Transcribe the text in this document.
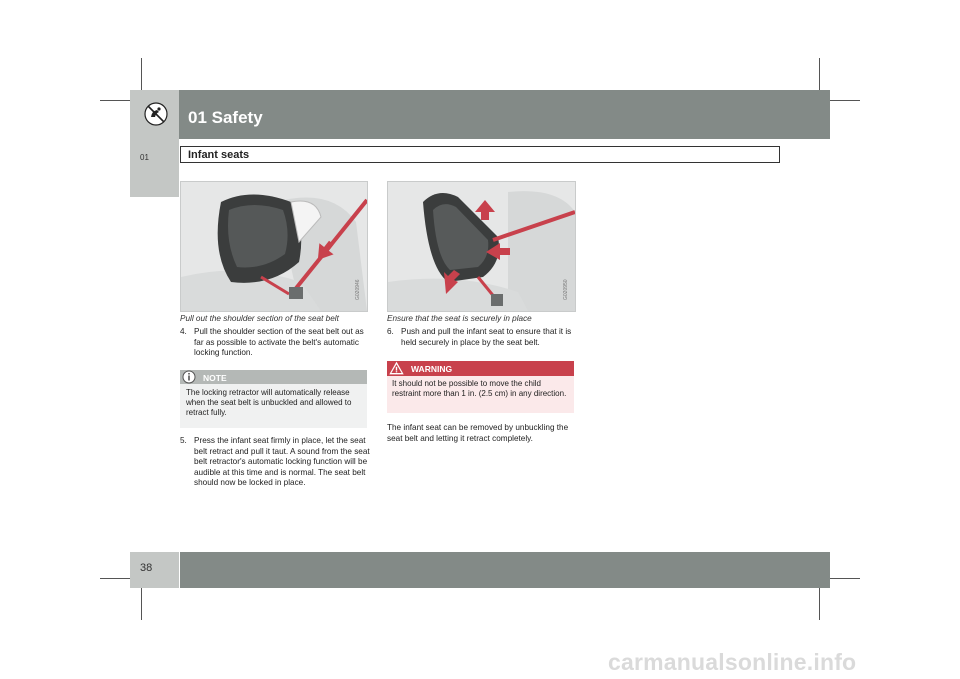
01 Safety
01	Infant seats
G020946
Pull out the shoulder section of the seat belt
G020950
Ensure that the seat is securely in place
4. Pull the shoulder section of the seat belt out as far as possible to activate the belt's automatic locking function.
NOTE
The locking retractor will automatically release when the seat belt is unbuckled and allowed to retract fully.
5. Press the infant seat firmly in place, let the seat belt retract and pull it taut. A sound from the seat belt retractor's automatic locking function will be audible at this time and is normal. The seat belt should now be locked in place.
6. Push and pull the infant seat to ensure that it is held securely in place by the seat belt.
WARNING
It should not be possible to move the child restraint more than 1 in. (2.5 cm) in any direction.
The infant seat can be removed by unbuckling the seat belt and letting it retract completely.
38
carmanualsonline.info
